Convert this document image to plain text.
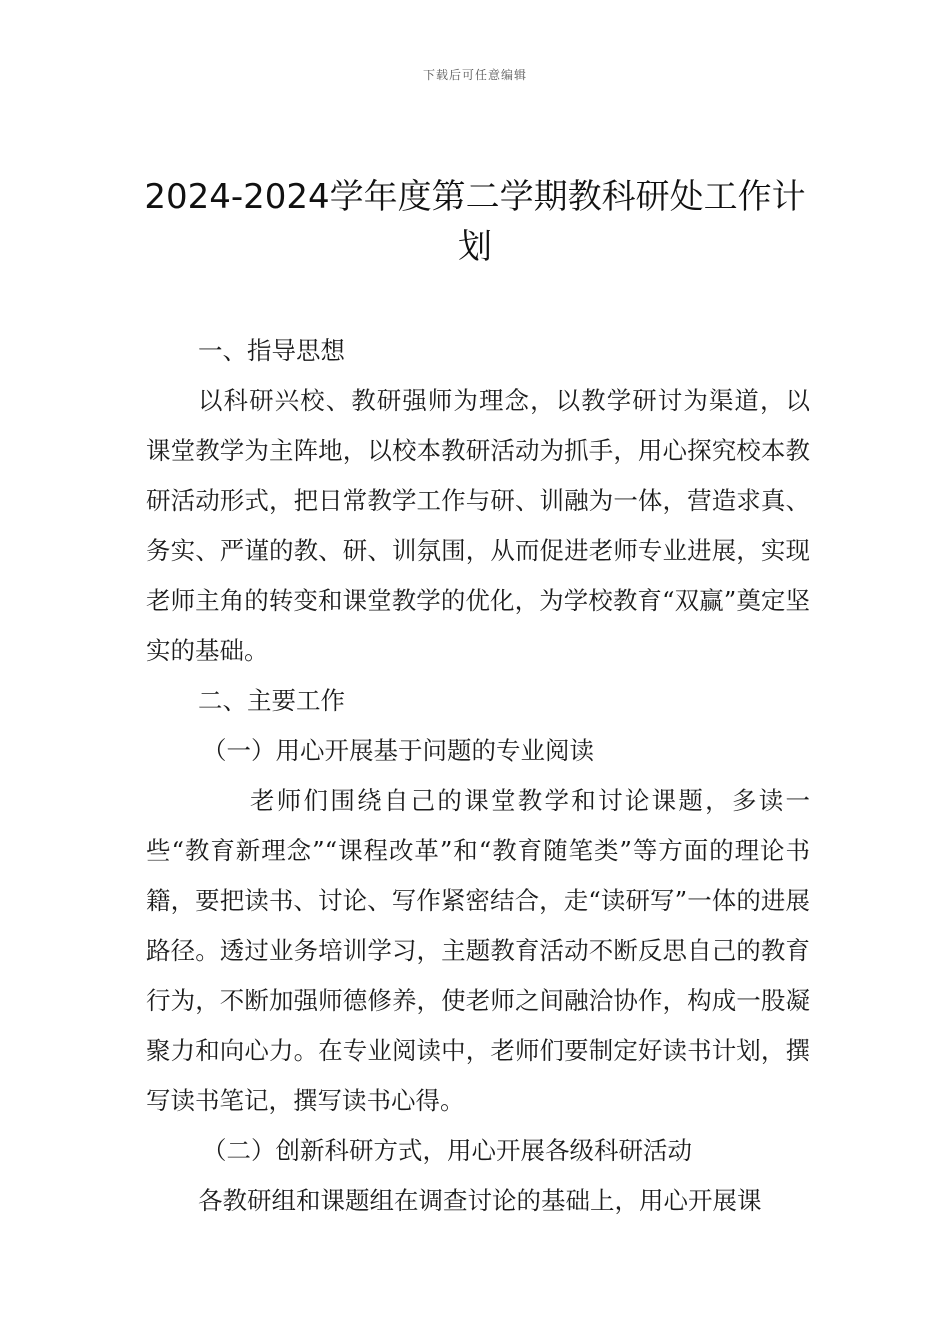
下载后可任意编辑
2024-2024学年度第二学期教科研处工作计划

一、指导思想

以科研兴校、教研强师为理念，以教学研讨为渠道，以课堂教学为主阵地，以校本教研活动为抓手，用心探究校本教研活动形式，把日常教学工作与研、训融为一体，营造求真、务实、严谨的教、研、训氛围，从而促进老师专业进展，实现老师主角的转变和课堂教学的优化，为学校教育“双赢”奠定坚实的基础。

二、主要工作

（一）用心开展基于问题的专业阅读

老师们围绕自己的课堂教学和讨论课题，多读一些“教育新理念”“课程改革”和“教育随笔类”等方面的理论书籍，要把读书、讨论、写作紧密结合，走“读研写”一体的进展路径。透过业务培训学习，主题教育活动不断反思自己的教育行为，不断加强师德修养，使老师之间融洽协作，构成一股凝聚力和向心力。在专业阅读中，老师们要制定好读书计划，撰写读书笔记，撰写读书心得。

（二）创新科研方式，用心开展各级科研活动

各教研组和课题组在调查讨论的基础上，用心开展课
